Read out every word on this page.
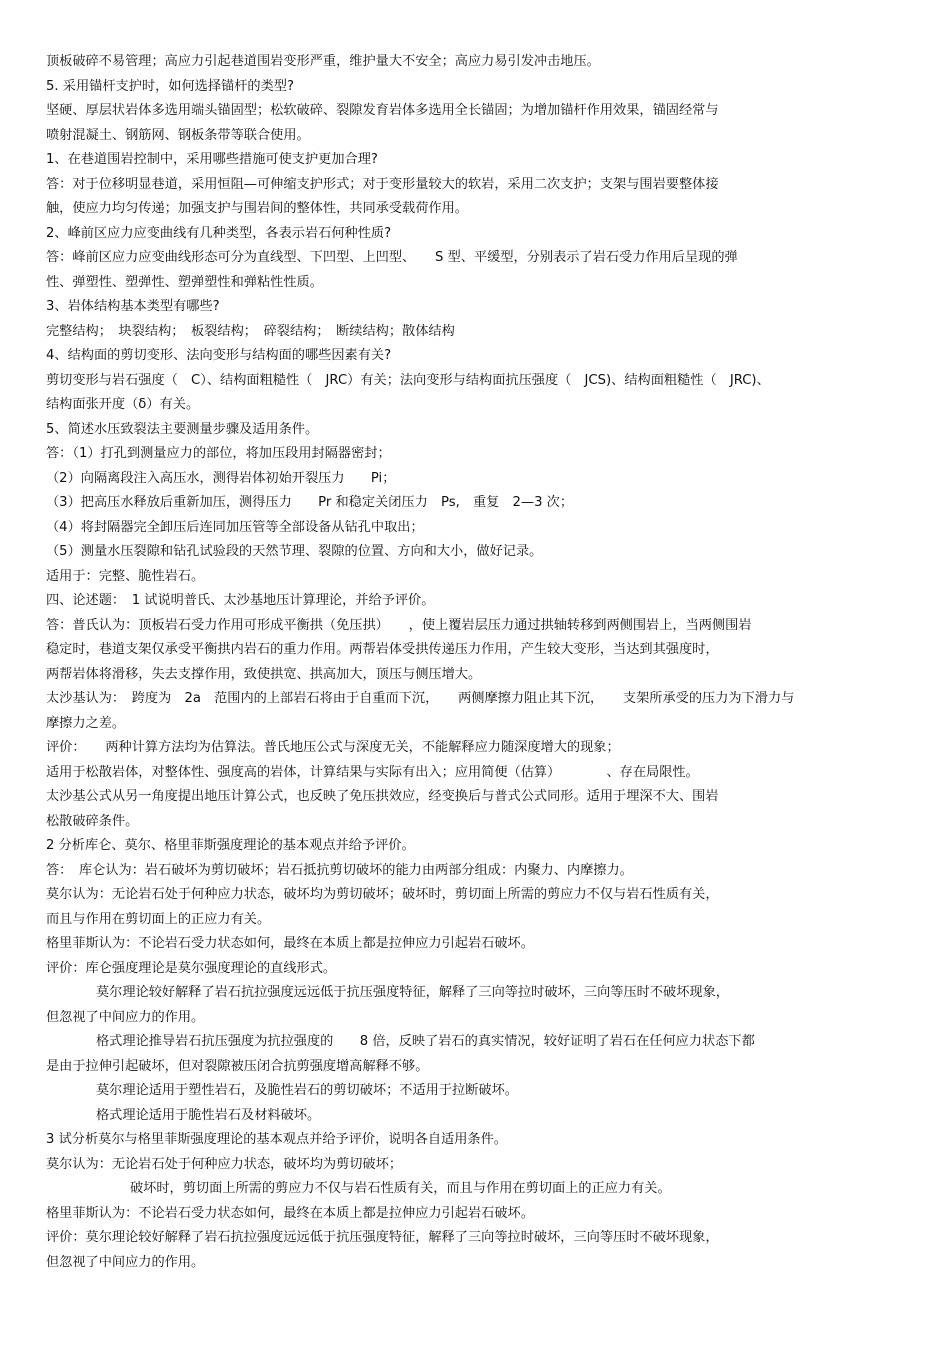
顶板破碎不易管理；高应力引起巷道围岩变形严重，维护量大不安全；高应力易引发冲击地压。
5. 采用锚杆支护时，如何选择锚杆的类型?
坚硬、厚层状岩体多选用端头锚固型；松软破碎、裂隙发育岩体多选用全长锚固；为增加锚杆作用效果，锚固经常与
喷射混凝土、钢筋网、钢板条带等联合使用。
1、在巷道围岩控制中，采用哪些措施可使支护更加合理?
答：对于位移明显巷道，采用恒阻—可伸缩支护形式；对于变形量较大的软岩，采用二次支护；支架与围岩要整体接
触，使应力均匀传递；加强支护与围岩间的整体性，共同承受载荷作用。
2、峰前区应力应变曲线有几种类型，各表示岩石何种性质?
答：峰前区应力应变曲线形态可分为直线型、下凹型、上凹型、　　S 型、平缓型，分别表示了岩石受力作用后呈现的弹
性、弹塑性、塑弹性、塑弹塑性和弹粘性性质。
3、岩体结构基本类型有哪些?
完整结构；　块裂结构；　板裂结构；　碎裂结构；　断续结构；散体结构
4、结构面的剪切变形、法向变形与结构面的哪些因素有关?
剪切变形与岩石强度（　C）、结构面粗糙性（　JRC）有关；法向变形与结构面抗压强度（　JCS)、结构面粗糙性（　JRC)、
结构面张开度（δ）有关。
5、简述水压致裂法主要测量步骤及适用条件。
答：（1）打孔到测量应力的部位，将加压段用封隔器密封；
（2）向隔离段注入高压水，测得岩体初始开裂压力　　Pi；
（3）把高压水释放后重新加压，测得压力　　Pr 和稳定关闭压力　Ps,　重复　2—3 次；
（4）将封隔器完全卸压后连同加压管等全部设备从钻孔中取出；
（5）测量水压裂隙和钻孔试验段的天然节理、裂隙的位置、方向和大小，做好记录。
适用于：完整、脆性岩石。
四、论述题：　1 试说明普氏、太沙基地压计算理论，并给予评价。
答：普氏认为：顶板岩石受力作用可形成平衡拱（免压拱）　　，使上覆岩层压力通过拱轴转移到两侧围岩上，当两侧围岩
稳定时，巷道支架仅承受平衡拱内岩石的重力作用。两帮岩体受拱传递压力作用，产生较大变形，当达到其强度时，
两帮岩体将滑移，失去支撑作用，致使拱宽、拱高加大，顶压与侧压增大。
太沙基认为：　跨度为　2a　范围内的上部岩石将由于自重而下沉，　　两侧摩擦力阻止其下沉，　　支架所承受的压力为下滑力与
摩擦力之差。
评价：　　两种计算方法均为估算法。普氏地压公式与深度无关，不能解释应力随深度增大的现象；
适用于松散岩体，对整体性、强度高的岩体，计算结果与实际有出入；应用简便（估算）　　　　、存在局限性。
太沙基公式从另一角度提出地压计算公式，也反映了免压拱效应，经变换后与普式公式同形。适用于埋深不大、围岩
松散破碎条件。
2 分析库仑、莫尔、格里菲斯强度理论的基本观点并给予评价。
答：　库仑认为：岩石破坏为剪切破坏；岩石抵抗剪切破坏的能力由两部分组成：内聚力、内摩擦力。
莫尔认为：无论岩石处于何种应力状态，破坏均为剪切破坏；破坏时，剪切面上所需的剪应力不仅与岩石性质有关，
而且与作用在剪切面上的正应力有关。
格里菲斯认为：不论岩石受力状态如何，最终在本质上都是拉伸应力引起岩石破坏。
评价：库仑强度理论是莫尔强度理论的直线形式。
莫尔理论较好解释了岩石抗拉强度远远低于抗压强度特征，解释了三向等拉时破坏，三向等压时不破坏现象，
但忽视了中间应力的作用。
格式理论推导岩石抗压强度为抗拉强度的　　8 倍，反映了岩石的真实情况，较好证明了岩石在任何应力状态下都
是由于拉伸引起破坏，但对裂隙被压闭合抗剪强度增高解释不够。
莫尔理论适用于塑性岩石，及脆性岩石的剪切破坏；不适用于拉断破坏。
格式理论适用于脆性岩石及材料破坏。
3 试分析莫尔与格里菲斯强度理论的基本观点并给予评价，说明各自适用条件。
莫尔认为：无论岩石处于何种应力状态，破坏均为剪切破坏；
破坏时，剪切面上所需的剪应力不仅与岩石性质有关，而且与作用在剪切面上的正应力有关。
格里菲斯认为：不论岩石受力状态如何，最终在本质上都是拉伸应力引起岩石破坏。
评价：莫尔理论较好解释了岩石抗拉强度远远低于抗压强度特征，解释了三向等拉时破坏，三向等压时不破坏现象，
但忽视了中间应力的作用。
